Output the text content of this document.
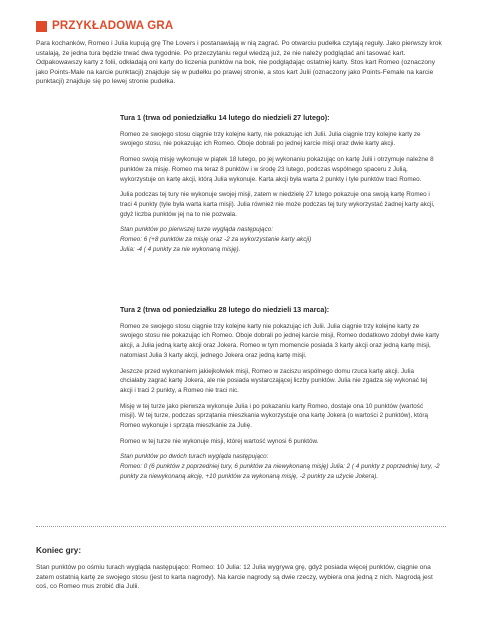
PRZYKŁADOWA GRA
Para kochanków, Romeo i Julia kupują grę The Lovers i postanawiają w nią zagrać. Po otwarciu pudełka czytają reguły. Jako pierwszy krok ustalają, że jedna tura będzie trwać dwa tygodnie. Po przeczytaniu reguł wiedzą już, że nie należy podglądać ani tasować kart. Odpakowawszy karty z folii, odkładają oni karty do liczenia punktów na bok, nie podglądając ostatniej karty. Stos kart Romeo (oznaczony jako Points-Male na karcie punktacji) znajduje się w pudełku po prawej stronie, a stos kart Julii (oznaczony jako Points-Female na karcie punktacji) znajduje się po lewej stronie pudełka.
Tura 1 (trwa od poniedziałku 14 lutego do niedzieli 27 lutego):

Romeo ze swojego stosu ciągnie trzy kolejne karty, nie pokazując ich Julii. Julia ciągnie trzy kolejne karty ze swojego stosu, nie pokazując ich Romeo. Oboje dobrali po jednej karcie misji oraz dwie karty akcji.

Romeo swoją misję wykonuje w piątek 18 lutego, po jej wykonaniu pokazując on kartę Julii i otrzymuje należne 8 punktów za misję. Romeo ma teraz 8 punktów i w środę 23 lutego, podczas wspólnego spaceru z Julią, wykorzystuje on kartę akcji, którą Julia wykonuje. Karta akcji była warta 2 punkty i tyle punktów traci Romeo.

Julia podczas tej tury nie wykonuje swojej misji, zatem w niedzielę 27 lutego pokazuje ona swoją kartę Romeo i traci 4 punkty (tyle była warta karta misji). Julia również nie może podczas tej tury wykorzystać żadnej karty akcji, gdyż liczba punktów jej na to nie pozwala.

Stan punktów po pierwszej turze wygląda następująco:
Romeo: 6 (+8 punktów za misję oraz -2 za wykorzystanie karty akcji)
Julia: -4 ( 4 punkty za nie wykonaną misję).
Tura 2 (trwa od poniedziałku 28 lutego do niedzieli 13 marca):

Romeo ze swojego stosu ciągnie trzy kolejne karty nie pokazując ich Julii. Julia ciągnie trzy kolejne karty ze swojego stosu nie pokazując ich Romeo. Oboje dobrali po jednej karcie misji, Romeo dodatkowo zdobył dwie karty akcji, a Julia jedną kartę akcji oraz Jokera. Romeo w tym momencie posiada 3 karty akcji oraz jedną kartę misji, natomiast Julia 3 karty akcji, jednego Jokera oraz jedną kartę misji.

Jeszcze przed wykonaniem jakiejkolwiek misji, Romeo w zaciszu wspólnego domu rzuca kartę akcji. Julia chciałaby zagrać kartę Jokera, ale nie posiada wystarczającej liczby punktów. Julia nie zgadza się wykonać tej akcji i traci 2 punkty, a Romeo nie traci nic.

Misję w tej turze jako pierwsza wykonuje Julia i po pokazaniu karty Romeo, dostaje ona 10 punktów (wartość misji). W tej turze, podczas sprzątania mieszkania wykorzystuje ona kartę Jokera (o wartości 2 punktów), którą Romeo wykonuje i sprząta mieszkanie za Julię.

Romeo w tej turze nie wykonuje misji, której wartość wynosi 6 punktów.

Stan punktów po dwóch turach wygląda następująco:
Romeo: 0 (6 punktów z poprzedniej tury, 6 punktów za niewykonaną misję) Julia: 2 ( 4 punkty z poprzedniej tury, -2 punkty za niewykonaną akcję, +10 punktów za wykonaną misję, -2 punkty za użycie Jokera).
Koniec gry:
Stan punktów po ośmiu turach wygląda następująco: Romeo: 10 Julia: 12 Julia wygrywa grę, gdyż posiada więcej punktów, ciągnie ona zatem ostatnią kartę ze swojego stosu (jest to karta nagrody). Na karcie nagrody są dwie rzeczy, wybiera ona jedną z nich. Nagrodą jest coś, co Romeo mus zrobić dla Julii.
